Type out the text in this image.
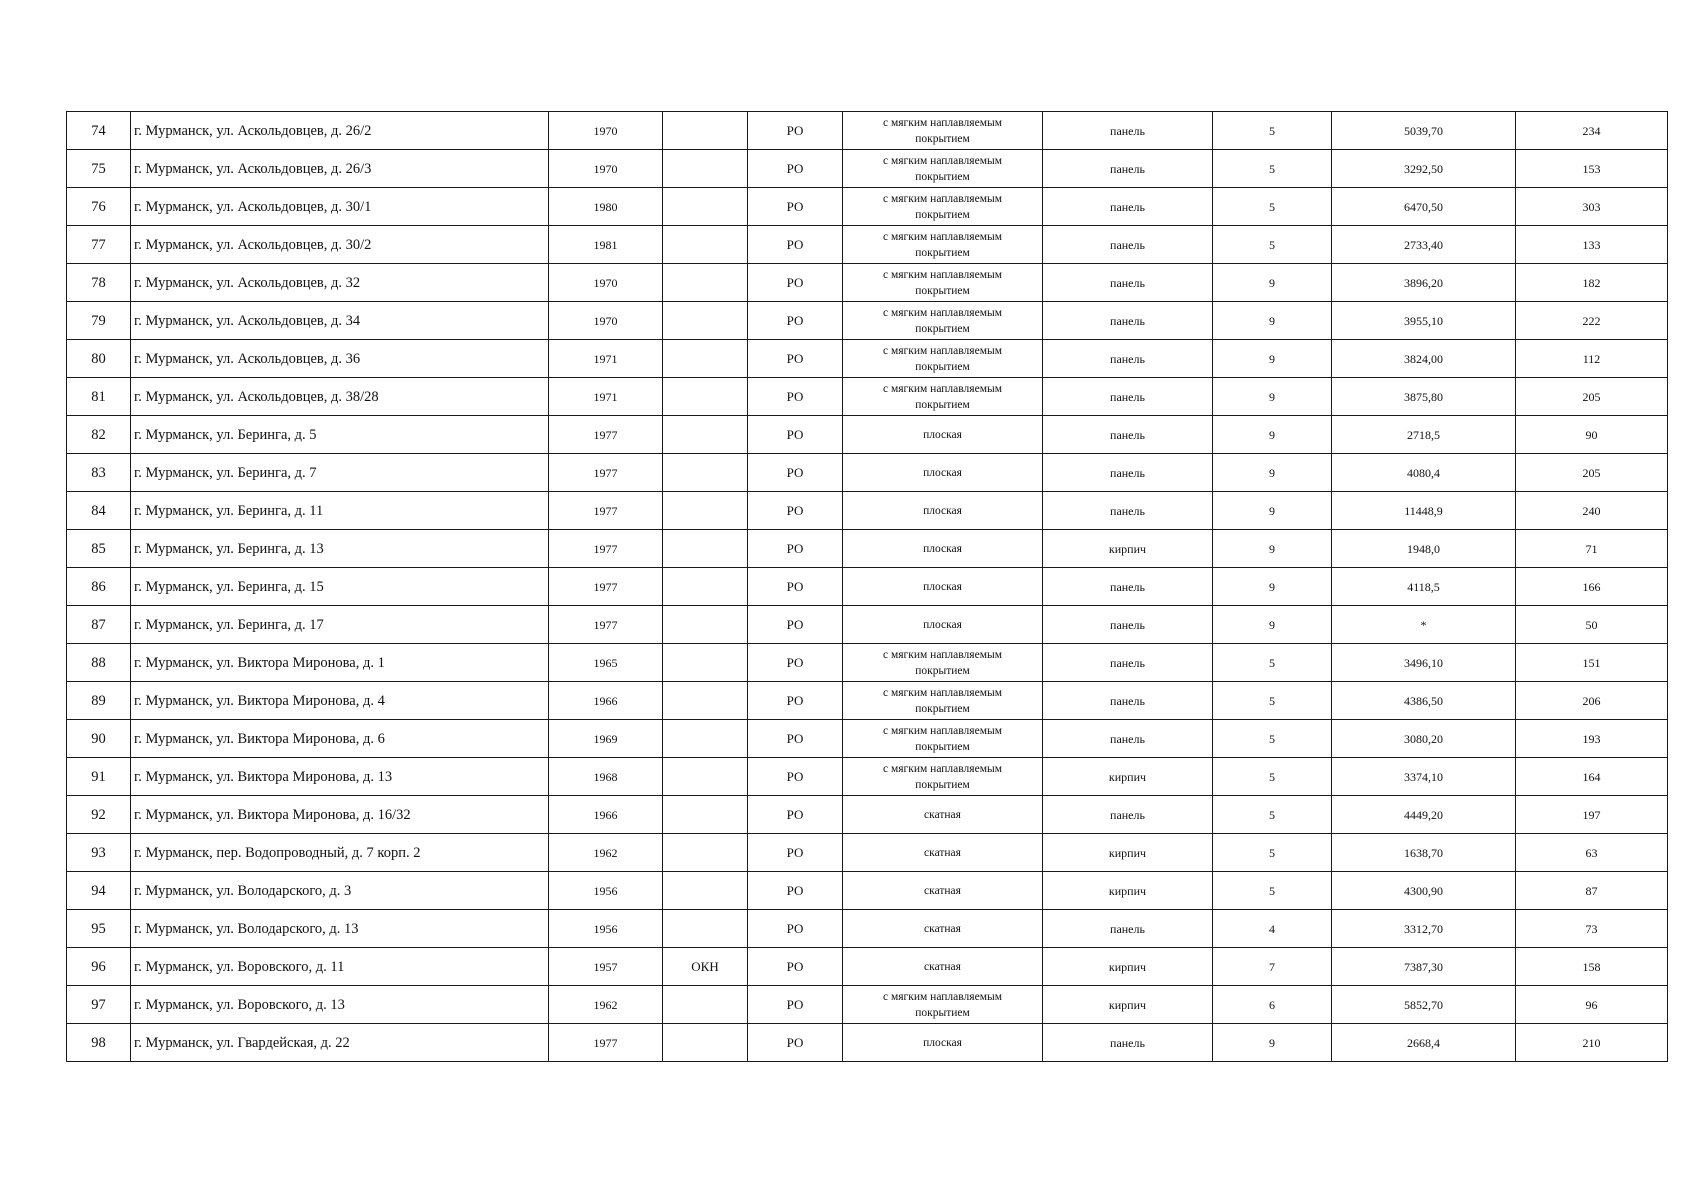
74	г. Мурманск, ул. Аскольдовцев, д. 26/2	1970		РО	с мягким наплавляемым
покрытием	панель	5	5039,70	234
75	г. Мурманск, ул. Аскольдовцев, д. 26/3	1970		РО	с мягким наплавляемым
покрытием	панель	5	3292,50	153
76	г. Мурманск, ул. Аскольдовцев, д. 30/1	1980		РО	с мягким наплавляемым
покрытием	панель	5	6470,50	303
77	г. Мурманск, ул. Аскольдовцев, д. 30/2	1981		РО	с мягким наплавляемым
покрытием	панель	5	2733,40	133
78	г. Мурманск, ул. Аскольдовцев, д. 32	1970		РО	с мягким наплавляемым
покрытием	панель	9	3896,20	182
79	г. Мурманск, ул. Аскольдовцев, д. 34	1970		РО	с мягким наплавляемым
покрытием	панель	9	3955,10	222
80	г. Мурманск, ул. Аскольдовцев, д. 36	1971		РО	с мягким наплавляемым
покрытием	панель	9	3824,00	112
81	г. Мурманск, ул. Аскольдовцев, д. 38/28	1971		РО	с мягким наплавляемым
покрытием	панель	9	3875,80	205
82	г. Мурманск, ул. Беринга, д. 5	1977		РО	плоская	панель	9	2718,5	90
83	г. Мурманск, ул. Беринга, д. 7	1977		РО	плоская	панель	9	4080,4	205
84	г. Мурманск, ул. Беринга, д. 11	1977		РО	плоская	панель	9	11448,9	240
85	г. Мурманск, ул. Беринга, д. 13	1977		РО	плоская	кирпич	9	1948,0	71
86	г. Мурманск, ул. Беринга, д. 15	1977		РО	плоская	панель	9	4118,5	166
87	г. Мурманск, ул. Беринга, д. 17	1977		РО	плоская	панель	9	*	50
88	г. Мурманск, ул. Виктора Миронова, д. 1	1965		РО	с мягким наплавляемым
покрытием	панель	5	3496,10	151
89	г. Мурманск, ул. Виктора Миронова, д. 4	1966		РО	с мягким наплавляемым
покрытием	панель	5	4386,50	206
90	г. Мурманск, ул. Виктора Миронова, д. 6	1969		РО	с мягким наплавляемым
покрытием	панель	5	3080,20	193
91	г. Мурманск, ул. Виктора Миронова, д. 13	1968		РО	с мягким наплавляемым
покрытием	кирпич	5	3374,10	164
92	г. Мурманск, ул. Виктора Миронова, д. 16/32	1966		РО	скатная	панель	5	4449,20	197
93	г. Мурманск, пер. Водопроводный, д. 7 корп. 2	1962		РО	скатная	кирпич	5	1638,70	63
94	г. Мурманск, ул. Володарского, д. 3	1956		РО	скатная	кирпич	5	4300,90	87
95	г. Мурманск, ул. Володарского, д. 13	1956		РО	скатная	панель	4	3312,70	73
96	г. Мурманск, ул. Воровского, д. 11	1957	ОКН	РО	скатная	кирпич	7	7387,30	158
97	г. Мурманск, ул. Воровского, д. 13	1962		РО	с мягким наплавляемым
покрытием	кирпич	6	5852,70	96
98	г. Мурманск, ул. Гвардейская, д. 22	1977		РО	плоская	панель	9	2668,4	210
